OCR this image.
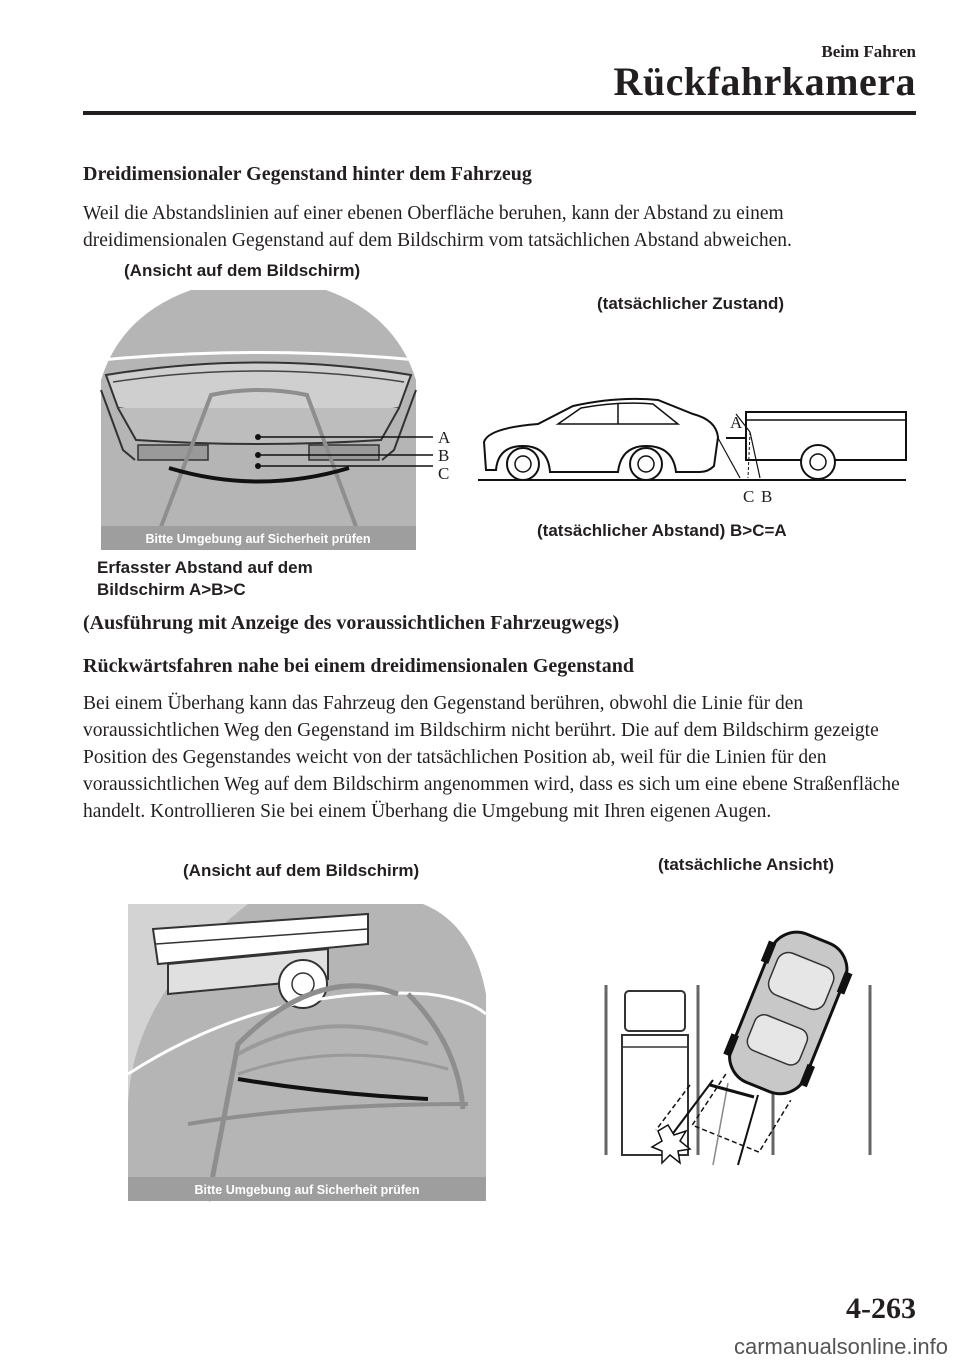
Beim Fahren
Rückfahrkamera
Dreidimensionaler Gegenstand hinter dem Fahrzeug
Weil die Abstandslinien auf einer ebenen Oberfläche beruhen, kann der Abstand zu einem dreidimensionalen Gegenstand auf dem Bildschirm vom tatsächlichen Abstand abweichen.
(Ansicht auf dem Bildschirm)
(tatsächlicher Zustand)
Bitte Umgebung auf Sicherheit prüfen
A
B
C
A
C B
(tatsächlicher Abstand) B>C=A
Erfasster Abstand auf dem
Bildschirm A>B>C
(Ausführung mit Anzeige des voraussichtlichen Fahrzeugwegs)
Rückwärtsfahren nahe bei einem dreidimensionalen Gegenstand
Bei einem Überhang kann das Fahrzeug den Gegenstand berühren, obwohl die Linie für den voraussichtlichen Weg den Gegenstand im Bildschirm nicht berührt. Die auf dem Bildschirm gezeigte Position des Gegenstandes weicht von der tatsächlichen Position ab, weil für die Linien für den voraussichtlichen Weg auf dem Bildschirm angenommen wird, dass es sich um eine ebene Straßenfläche handelt. Kontrollieren Sie bei einem Überhang die Umgebung mit Ihren eigenen Augen.
(Ansicht auf dem Bildschirm)	(tatsächliche Ansicht)
Bitte Umgebung auf Sicherheit prüfen
4-263
carmanualsonline.info
